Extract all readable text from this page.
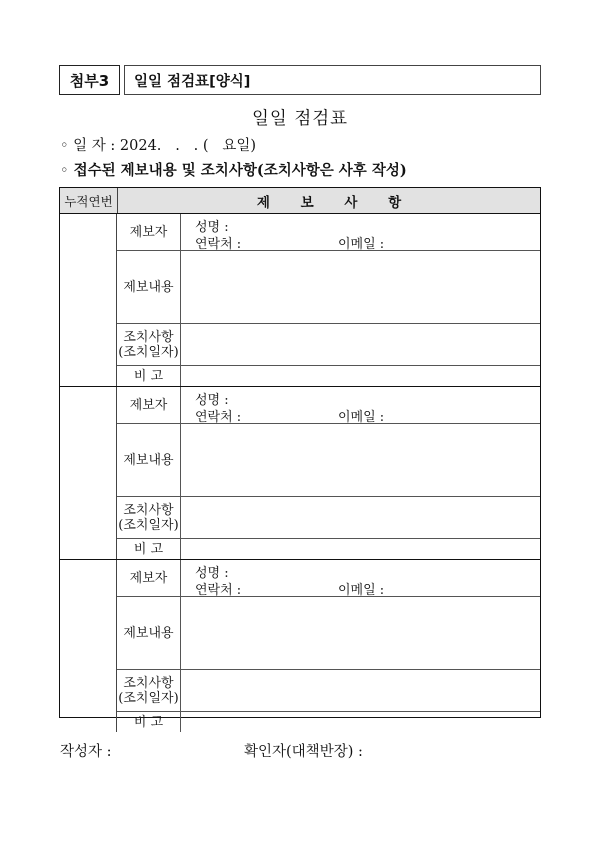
첨부3	일일 점검표[양식]
일일 점검표
◦ 일 자 : 2024.   .   . (   요일)
◦ 접수된 제보내용 및 조치사항(조치사항은 사후 작성)
누적연번	제 보 사 항
제보자	성명 :
연락처 :	이메일 :
제보내용
조치사항
(조치일자)
비 고
제보자	성명 :
연락처 :	이메일 :
제보내용
조치사항
(조치일자)
비 고
제보자	성명 :
연락처 :	이메일 :
제보내용
조치사항
(조치일자)
비 고
작성자 :	확인자(대책반장) :
